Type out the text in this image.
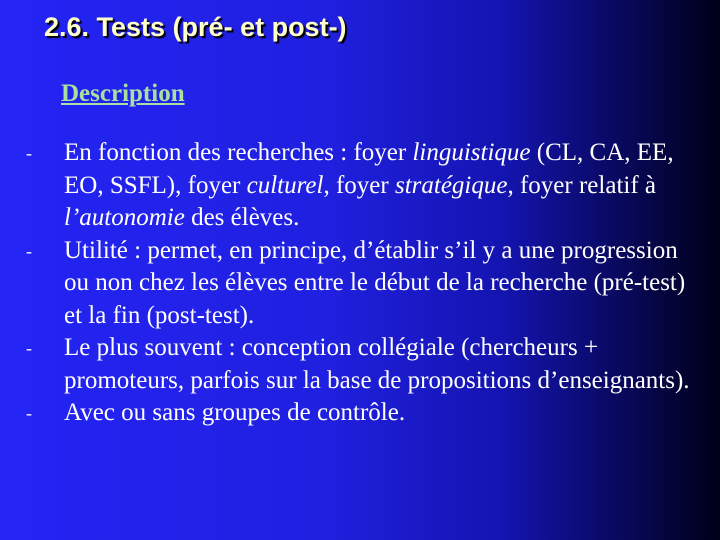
2.6. Tests (pré- et post-)
Description
- En fonction des recherches : foyer linguistique (CL, CA, EE, EO, SSFL), foyer culturel, foyer stratégique, foyer relatif à l’autonomie des élèves.
- Utilité : permet, en principe, d’établir s’il y a une progression ou non chez les élèves entre le début de la recherche (pré-test) et la fin (post-test).
- Le plus souvent : conception collégiale (chercheurs + promoteurs, parfois sur la base de propositions d’enseignants).
- Avec ou sans groupes de contrôle.
